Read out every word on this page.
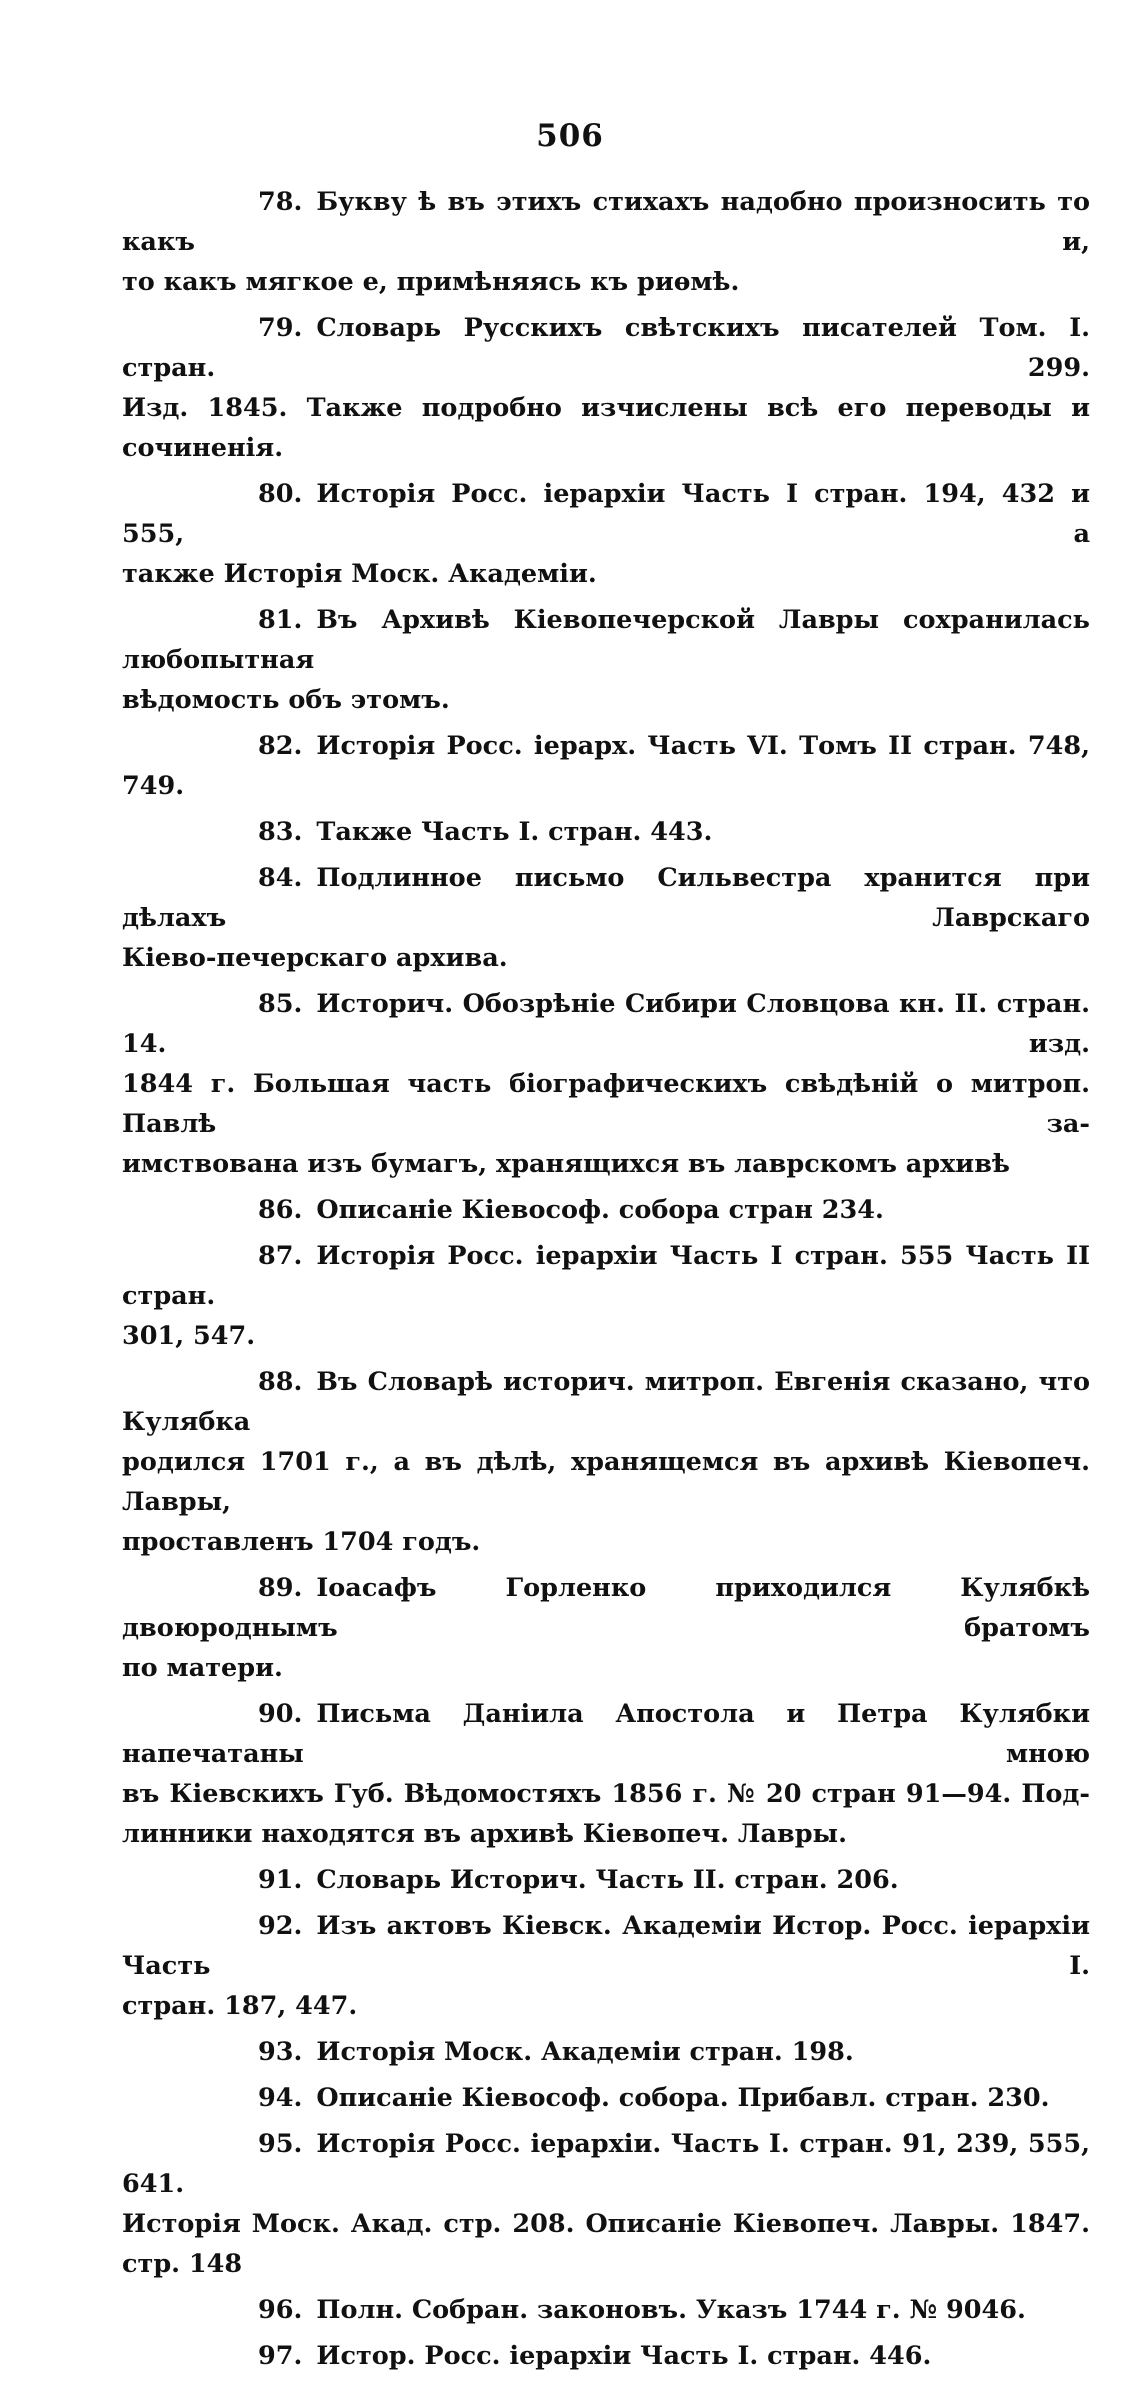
506
78. Букву ѣ въ этихъ стихахъ надобно произносить то какъ и,
то какъ мягкое е, примѣняясь къ риѳмѣ.
79. Словарь Русскихъ свѣтскихъ писателей Том. I. стран. 299.
Изд. 1845. Также подробно изчислены всѣ его переводы и сочиненія.
80. Исторія Росс. іерархіи Часть I стран. 194, 432 и 555, а
также Исторія Моск. Академіи.
81. Въ Архивѣ Кіевопечерской Лавры сохранилась любопытная
вѣдомость объ этомъ.
82. Исторія Росс. іерарх. Часть VI. Томъ II стран. 748, 749.
83. Также Часть I. стран. 443.
84. Подлинное письмо Сильвестра хранится при дѣлахъ Лаврскаго
Кіево-печерскаго архива.
85. Историч. Обозрѣніе Сибири Словцова кн. II. стран. 14. изд.
1844 г. Большая часть біографическихъ свѣдѣній о митроп. Павлѣ за-
имствована изъ бумагъ, хранящихся въ лаврскомъ архивѣ
86. Описаніе Кіевософ. собора стран 234.
87. Исторія Росс. іерархіи Часть I стран. 555 Часть II стран.
301, 547.
88. Въ Словарѣ историч. митроп. Евгенія сказано, что Кулябка
родился 1701 г., а въ дѣлѣ, хранящемся въ архивѣ Кіевопеч. Лавры,
проставленъ 1704 годъ.
89. Іоасафъ Горленко приходился Кулябкѣ двоюроднымъ братомъ
по матери.
90. Письма Данiила Апостола и Петра Кулябки напечатаны мною
въ Кіевскихъ Губ. Вѣдомостяхъ 1856 г. № 20 стран 91—94. Под-
линники находятся въ архивѣ Кіевопеч. Лавры.
91. Словарь Историч. Часть II. стран. 206.
92. Изъ актовъ Кіевск. Академіи Истор. Росс. іерархіи Часть I.
стран. 187, 447.
93. Исторія Моск. Академіи стран. 198.
94. Описаніе Кіевософ. собора. Прибавл. стран. 230.
95. Исторія Росс. іерархіи. Часть I. стран. 91, 239, 555, 641.
Исторія Моск. Акад. стр. 208. Описаніе Кіевопеч. Лавры. 1847. стр. 148
96. Полн. Собран. законовъ. Указъ 1744 г. № 9046.
97. Истор. Росс. іерархіи Часть I. стран. 446.
